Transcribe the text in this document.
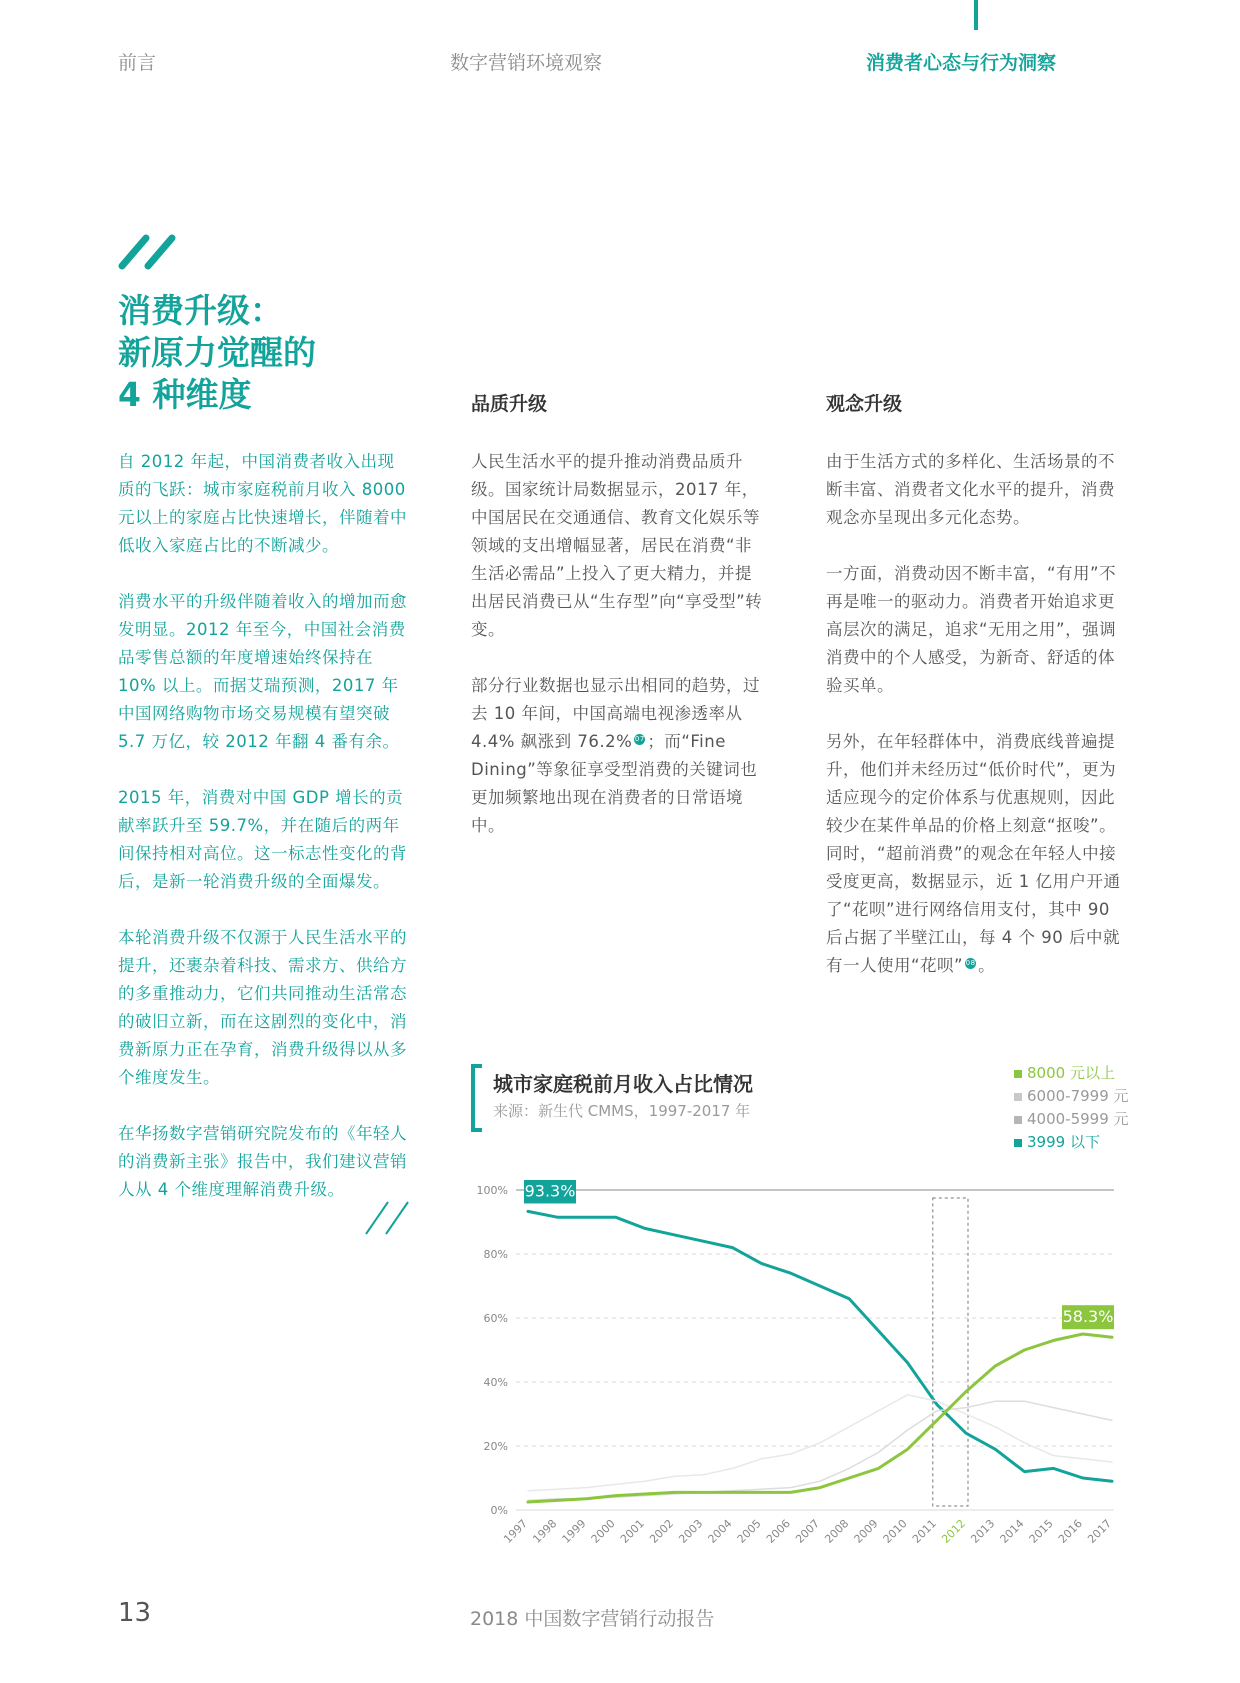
前言	数字营销环境观察	消费者心态与行为洞察
消费升级：
新原力觉醒的
4 种维度

自 2012 年起，中国消费者收入出现质的飞跃：城市家庭税前月收入 8000 元以上的家庭占比快速增长，伴随着中低收入家庭占比的不断减少。

消费水平的升级伴随着收入的增加而愈发明显。2012 年至今，中国社会消费品零售总额的年度增速始终保持在 10% 以上。而据艾瑞预测，2017 年中国网络购物市场交易规模有望突破 5.7 万亿，较 2012 年翻 4 番有余。

2015 年，消费对中国 GDP 增长的贡献率跃升至 59.7%，并在随后的两年间保持相对高位。这一标志性变化的背后，是新一轮消费升级的全面爆发。

本轮消费升级不仅源于人民生活水平的提升，还裹杂着科技、需求方、供给方的多重推动力，它们共同推动生活常态的破旧立新，而在这剧烈的变化中，消费新原力正在孕育，消费升级得以从多个维度发生。

在华扬数字营销研究院发布的《年轻人的消费新主张》报告中，我们建议营销人从 4 个维度理解消费升级。

品质升级

人民生活水平的提升推动消费品质升级。国家统计局数据显示，2017 年，中国居民在交通通信、教育文化娱乐等领域的支出增幅显著，居民在消费“非生活必需品”上投入了更大精力，并提出居民消费已从“生存型”向“享受型”转变。

部分行业数据也显示出相同的趋势，过去 10 年间，中国高端电视渗透率从 4.4% 飙涨到 76.2% 07 ；而“Fine Dining”等象征享受型消费的关键词也更加频繁地出现在消费者的日常语境中。

观念升级

由于生活方式的多样化、生活场景的不断丰富、消费者文化水平的提升，消费观念亦呈现出多元化态势。

一方面，消费动因不断丰富，“有用”不再是唯一的驱动力。消费者开始追求更高层次的满足，追求“无用之用”，强调消费中的个人感受，为新奇、舒适的体验买单。

另外，在年轻群体中，消费底线普遍提升，他们并未经历过“低价时代”，更为适应现今的定价体系与优惠规则，因此较少在某件单品的价格上刻意“抠唆”。同时，“超前消费”的观念在年轻人中接受度更高，数据显示，近 1 亿用户开通了“花呗”进行网络信用支付，其中 90 后占据了半壁江山，每 4 个 90 后中就有一人使用“花呗” 08 。

城市家庭税前月收入占比情况
来源：新生代 CMMS，1997-2017 年
8000 元以上
6000-7999 元
4000-5999 元
3999 以下
0%
20%
40%
60%
80%
100%
1997 1998 1999 2000 2001 2002 2003 2004 2005 2006 2007 2008 2009 2010 2011 2012 2013 2014 2015 2016 2017
93.3%
58.3%
13	2018 中国数字营销行动报告
